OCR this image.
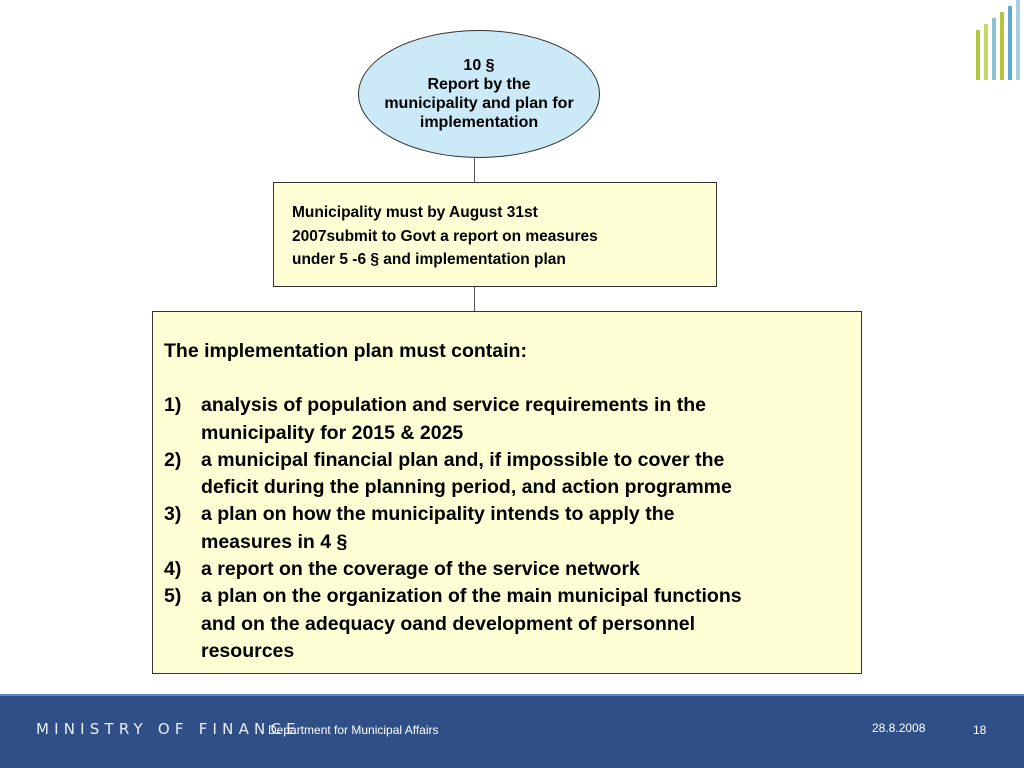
10 §
Report by the
municipality and plan for
implementation
Municipality must by August 31st
2007submit to Govt a report on measures
under 5 -6 § and implementation plan
The implementation plan must contain:
1)	analysis of population and service requirements in the
municipality for 2015 & 2025
2)	a municipal financial plan and, if impossible to cover the
deficit during the planning period, and action programme
3)	a plan on how the municipality intends to apply the
measures in 4 §
4)	a report on the coverage of the service network
5)	a plan on the organization of the main municipal functions
and on the adequacy oand development of personnel
resources
MINISTRY OF FINANCE
Department for Municipal Affairs	28.8.2008	18
